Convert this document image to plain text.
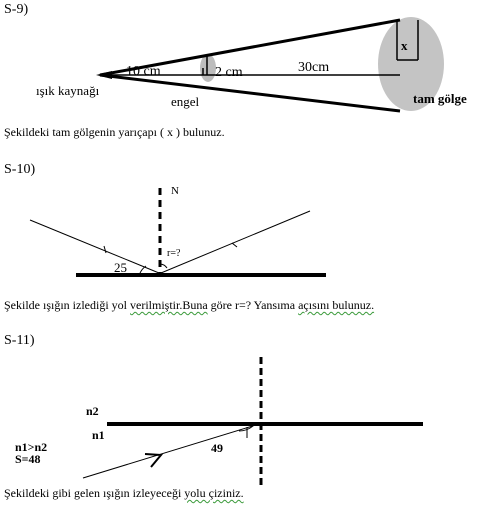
S-9)
10 cm	2 cm	30cm
x
ışık kaynağı
engel	tam gölge
N
25
r=?
n2
n1
n1>n2
S=48
49
Şekildeki tam gölgenin yarıçapı ( x ) bulunuz.
S-10)
Şekilde ışığın izlediği yol verilmiştir.Buna göre r=? Yansıma açısını bulunuz.
S-11)
Şekildeki gibi gelen ışığın izleyeceği yolu çiziniz.
